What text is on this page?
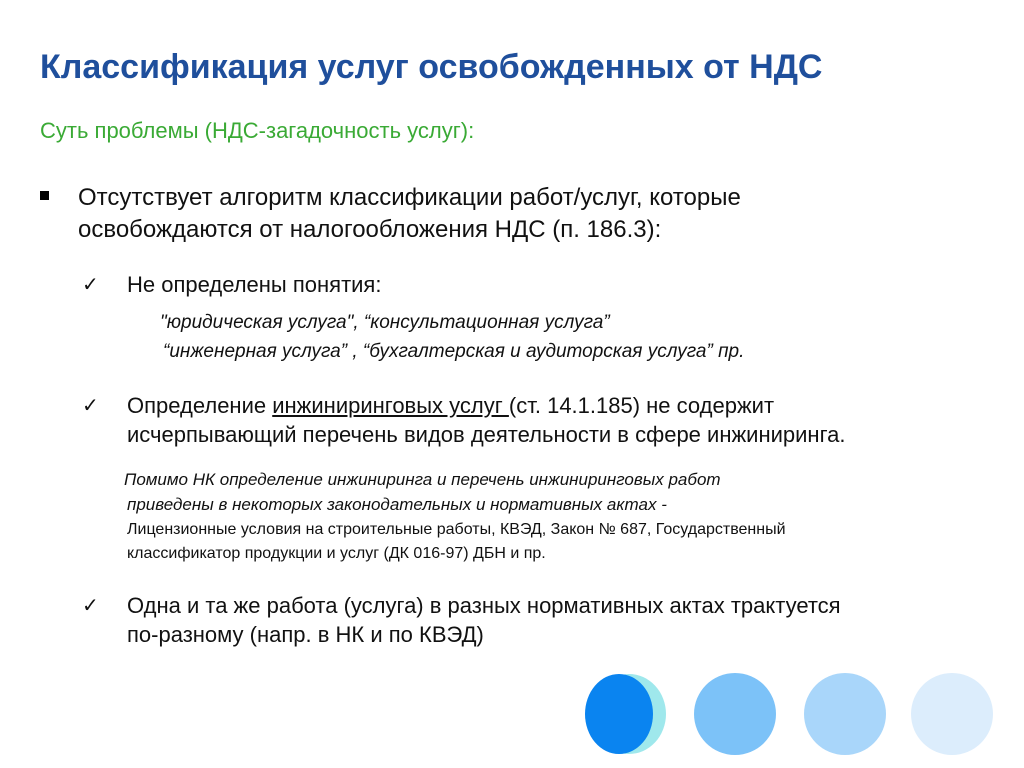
Классификация услуг освобожденных от НДС
Суть проблемы (НДС-загадочность услуг):
Отсутствует алгоритм классификации работ/услуг, которые
освобождаются от налогообложения НДС (п. 186.3):
✓ Не определены понятия:
"юридическая услуга", “консультационная услуга”
“инженерная услуга” , “бухгалтерская и аудиторская услуга” пр.
✓ Определение инжиниринговых услуг (ст. 14.1.185) не содержит
исчерпывающий перечень видов деятельности в сфере инжиниринга.
Помимо НК определение инжиниринга и перечень инжиниринговых работ
приведены в некоторых законодательных и нормативных актах -
Лицензионные условия на строительные работы, КВЭД, Закон № 687, Государственный
классификатор продукции и услуг (ДК 016-97) ДБН и пр.
✓ Одна и та же работа (услуга) в разных нормативных актах трактуется
по-разному (напр. в НК и по КВЭД)
